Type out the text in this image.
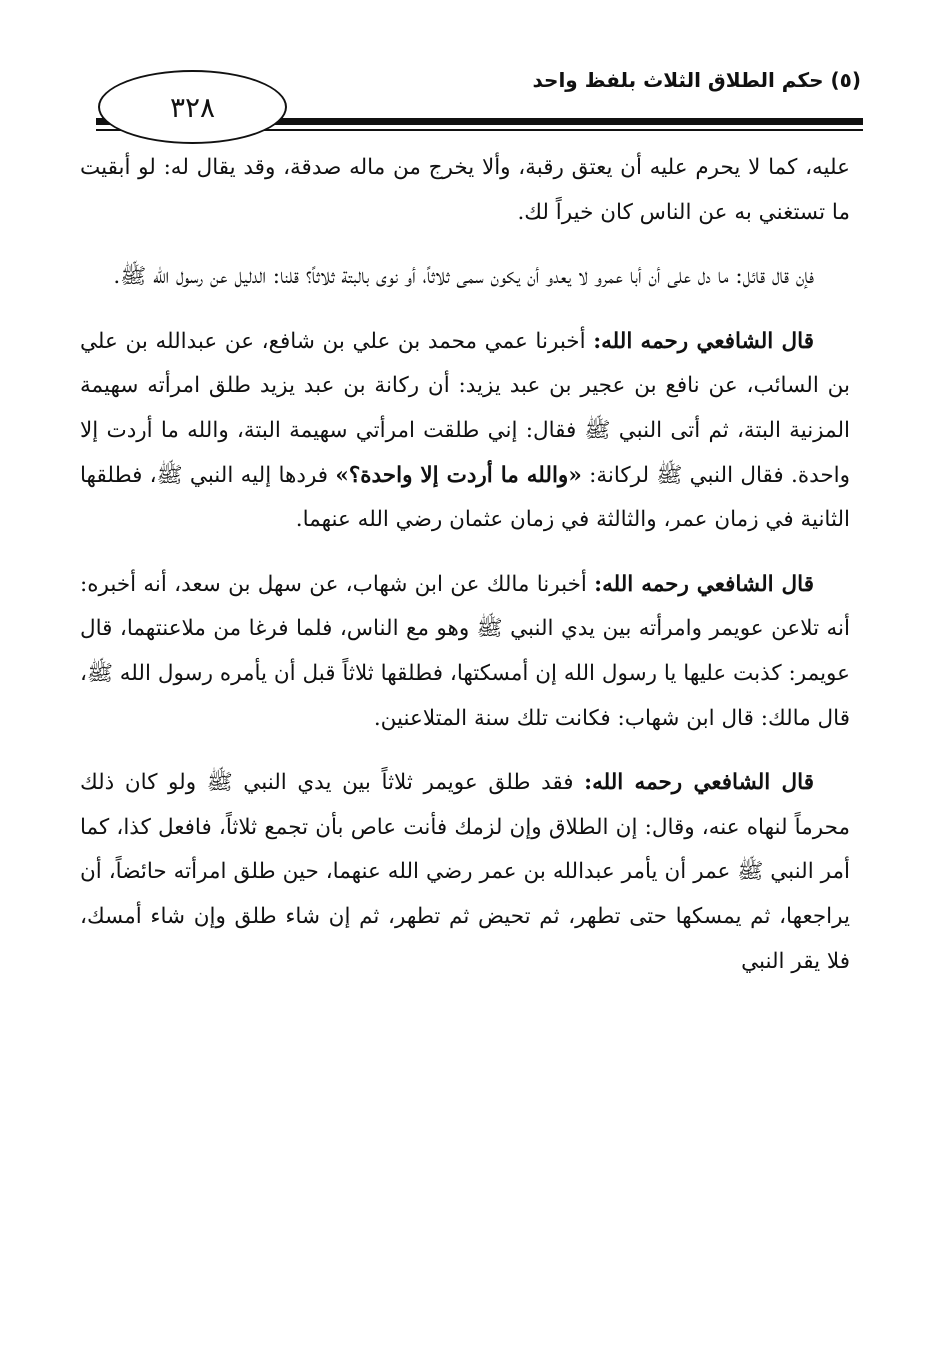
٣٢٨
(٥) حكم الطلاق الثلاث بلفظ واحد

عليه، كما لا يحرم عليه أن يعتق رقبة، وألا يخرج من ماله صدقة، وقد يقال له: لو أبقيت ما تستغني به عن الناس كان خيراً لك.

فإن قال قائل: ما دل على أن أبا عمرو لا يعدو أن يكون سمى ثلاثاً، أو نوى بالبتة ثلاثاً؟ قلنا: الدليل عن رسول الله ﷺ.

قال الشافعي رحمه الله: أخبرنا عمي محمد بن علي بن شافع، عن عبدالله بن علي بن السائب، عن نافع بن عجير بن عبد يزيد: أن ركانة بن عبد يزيد طلق امرأته سهيمة المزنية البتة، ثم أتى النبي ﷺ فقال: إني طلقت امرأتي سهيمة البتة، والله ما أردت إلا واحدة. فقال النبي ﷺ لركانة: «والله ما أردت إلا واحدة؟» فردها إليه النبي ﷺ، فطلقها الثانية في زمان عمر، والثالثة في زمان عثمان رضي الله عنهما.

قال الشافعي رحمه الله: أخبرنا مالك عن ابن شهاب، عن سهل بن سعد، أنه أخبره: أنه تلاعن عويمر وامرأته بين يدي النبي ﷺ وهو مع الناس، فلما فرغا من ملاعنتهما، قال عويمر: كذبت عليها يا رسول الله إن أمسكتها، فطلقها ثلاثاً قبل أن يأمره رسول الله ﷺ، قال مالك: قال ابن شهاب: فكانت تلك سنة المتلاعنين.

قال الشافعي رحمه الله: فقد طلق عويمر ثلاثاً بين يدي النبي ﷺ ولو كان ذلك محرماً لنهاه عنه، وقال: إن الطلاق وإن لزمك فأنت عاص بأن تجمع ثلاثاً، فافعل كذا، كما أمر النبي ﷺ عمر أن يأمر عبدالله بن عمر رضي الله عنهما، حين طلق امرأته حائضاً، أن يراجعها، ثم يمسكها حتى تطهر، ثم تحيض ثم تطهر، ثم إن شاء طلق وإن شاء أمسك، فلا يقر النبي
